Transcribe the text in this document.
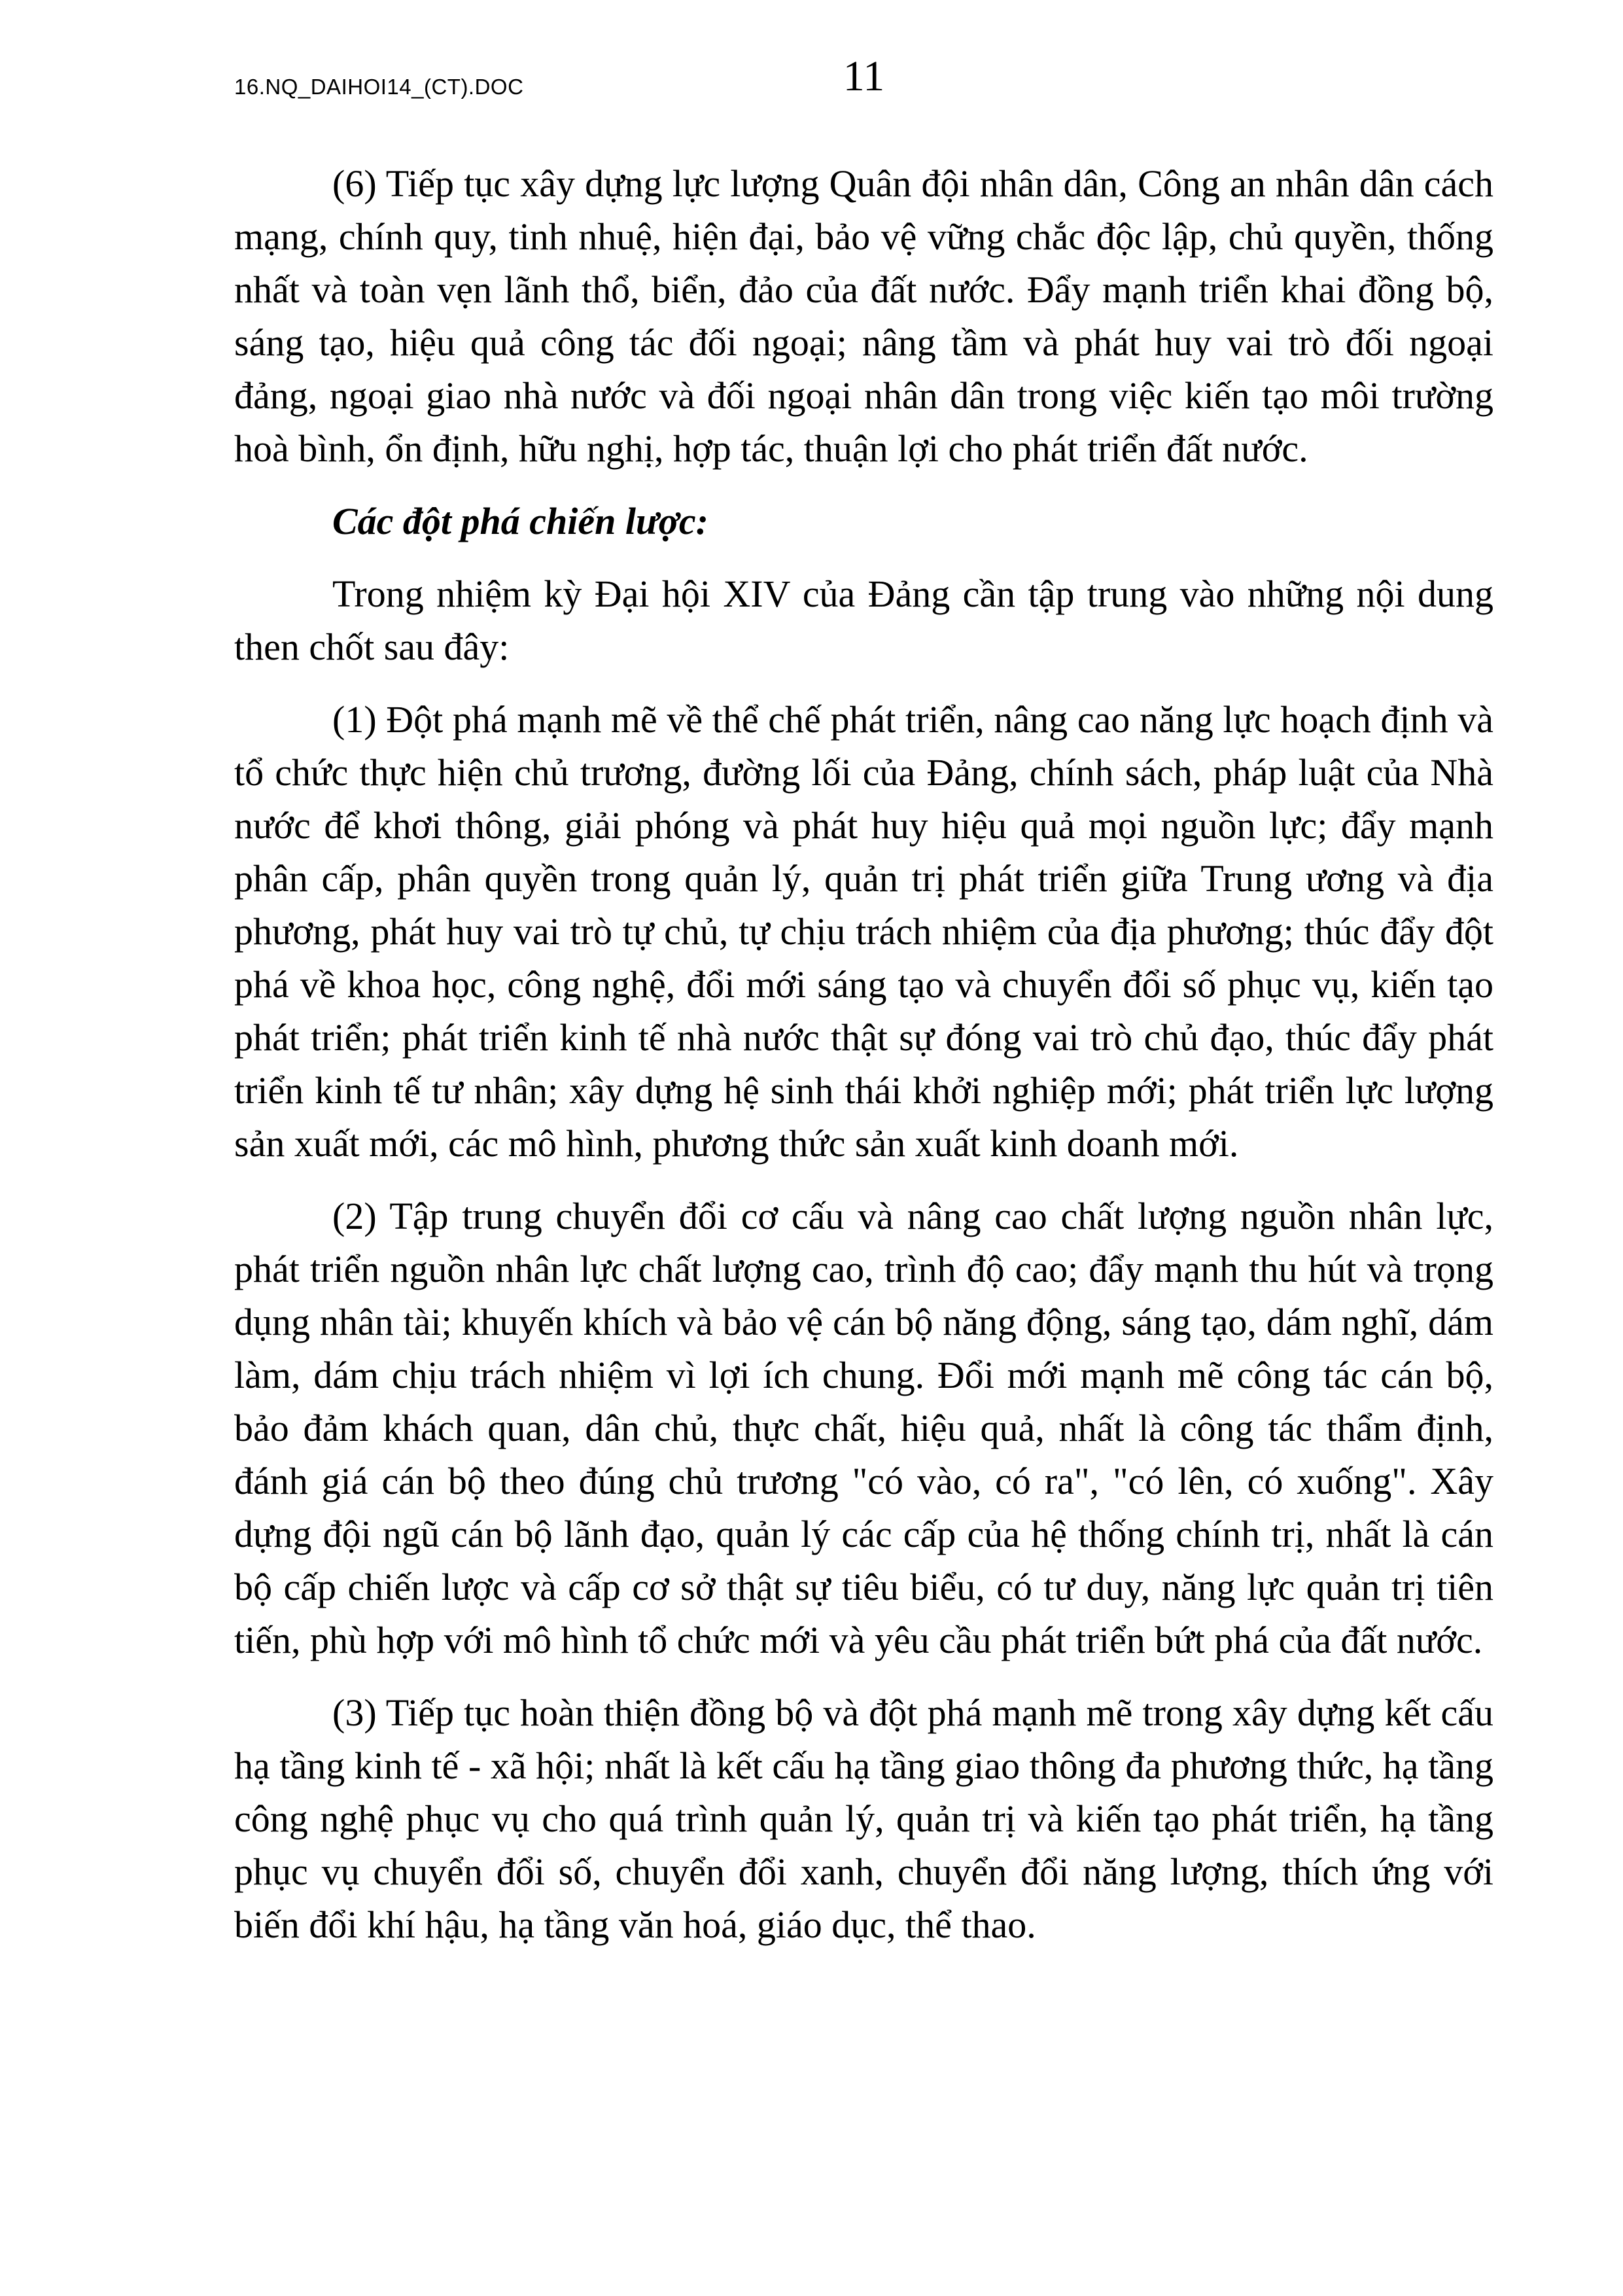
16.NQ_DAIHOI14_(CT).DOC	11

(6) Tiếp tục xây dựng lực lượng Quân đội nhân dân, Công an nhân dân cách mạng, chính quy, tinh nhuệ, hiện đại, bảo vệ vững chắc độc lập, chủ quyền, thống nhất và toàn vẹn lãnh thổ, biển, đảo của đất nước. Đẩy mạnh triển khai đồng bộ, sáng tạo, hiệu quả công tác đối ngoại; nâng tầm và phát huy vai trò đối ngoại đảng, ngoại giao nhà nước và đối ngoại nhân dân trong việc kiến tạo môi trường hoà bình, ổn định, hữu nghị, hợp tác, thuận lợi cho phát triển đất nước.

Các đột phá chiến lược:

Trong nhiệm kỳ Đại hội XIV của Đảng cần tập trung vào những nội dung then chốt sau đây:

(1) Đột phá mạnh mẽ về thể chế phát triển, nâng cao năng lực hoạch định và tổ chức thực hiện chủ trương, đường lối của Đảng, chính sách, pháp luật của Nhà nước để khơi thông, giải phóng và phát huy hiệu quả mọi nguồn lực; đẩy mạnh phân cấp, phân quyền trong quản lý, quản trị phát triển giữa Trung ương và địa phương, phát huy vai trò tự chủ, tự chịu trách nhiệm của địa phương; thúc đẩy đột phá về khoa học, công nghệ, đổi mới sáng tạo và chuyển đổi số phục vụ, kiến tạo phát triển; phát triển kinh tế nhà nước thật sự đóng vai trò chủ đạo, thúc đẩy phát triển kinh tế tư nhân; xây dựng hệ sinh thái khởi nghiệp mới; phát triển lực lượng sản xuất mới, các mô hình, phương thức sản xuất kinh doanh mới.

(2) Tập trung chuyển đổi cơ cấu và nâng cao chất lượng nguồn nhân lực, phát triển nguồn nhân lực chất lượng cao, trình độ cao; đẩy mạnh thu hút và trọng dụng nhân tài; khuyến khích và bảo vệ cán bộ năng động, sáng tạo, dám nghĩ, dám làm, dám chịu trách nhiệm vì lợi ích chung. Đổi mới mạnh mẽ công tác cán bộ, bảo đảm khách quan, dân chủ, thực chất, hiệu quả, nhất là công tác thẩm định, đánh giá cán bộ theo đúng chủ trương "có vào, có ra", "có lên, có xuống". Xây dựng đội ngũ cán bộ lãnh đạo, quản lý các cấp của hệ thống chính trị, nhất là cán bộ cấp chiến lược và cấp cơ sở thật sự tiêu biểu, có tư duy, năng lực quản trị tiên tiến, phù hợp với mô hình tổ chức mới và yêu cầu phát triển bứt phá của đất nước.

(3) Tiếp tục hoàn thiện đồng bộ và đột phá mạnh mẽ trong xây dựng kết cấu hạ tầng kinh tế - xã hội; nhất là kết cấu hạ tầng giao thông đa phương thức, hạ tầng công nghệ phục vụ cho quá trình quản lý, quản trị và kiến tạo phát triển, hạ tầng phục vụ chuyển đổi số, chuyển đổi xanh, chuyển đổi năng lượng, thích ứng với biến đổi khí hậu, hạ tầng văn hoá, giáo dục, thể thao.
